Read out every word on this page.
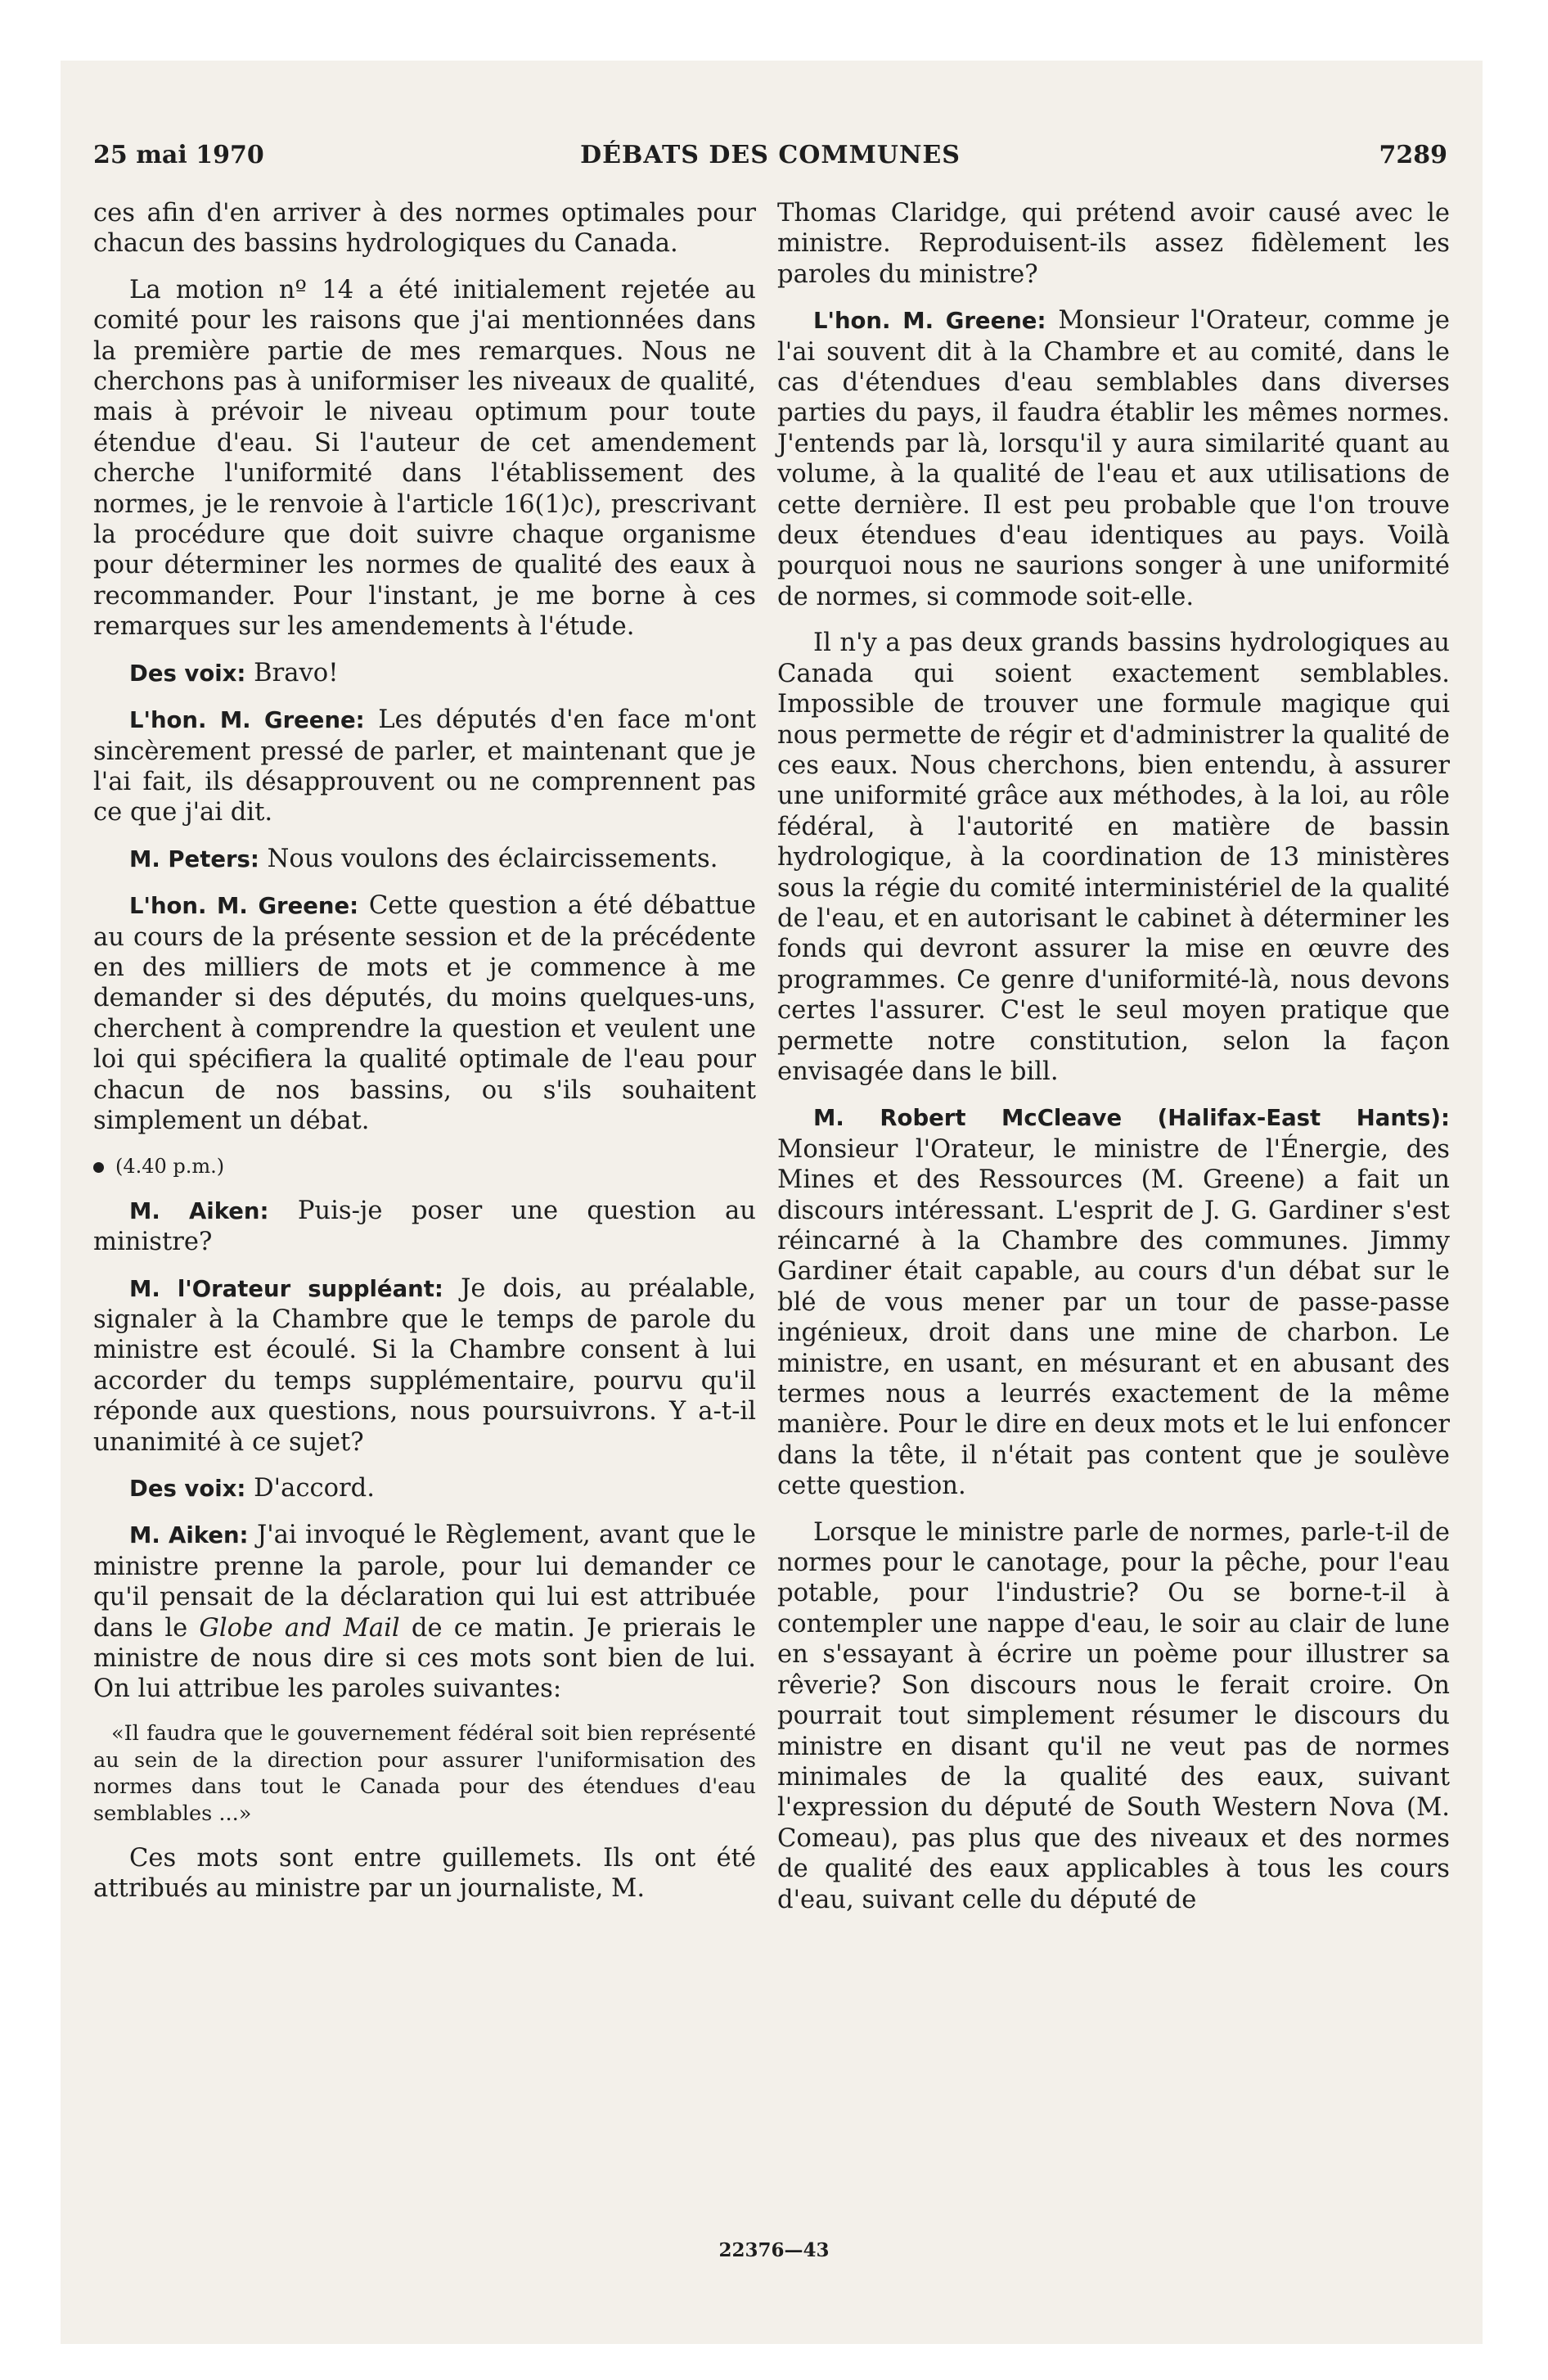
25 mai 1970	DÉBATS DES COMMUNES	7289

ces afin d'en arriver à des normes optimales pour chacun des bassins hydrologiques du Canada.

La motion nº 14 a été initialement rejetée au comité pour les raisons que j'ai mentionnées dans la première partie de mes remarques. Nous ne cherchons pas à uniformiser les niveaux de qualité, mais à prévoir le niveau optimum pour toute étendue d'eau. Si l'auteur de cet amendement cherche l'uniformité dans l'établissement des normes, je le renvoie à l'article 16(1)c), prescrivant la procédure que doit suivre chaque organisme pour déterminer les normes de qualité des eaux à recommander. Pour l'instant, je me borne à ces remarques sur les amendements à l'étude.

Des voix: Bravo!

L'hon. M. Greene: Les députés d'en face m'ont sincèrement pressé de parler, et maintenant que je l'ai fait, ils désapprouvent ou ne comprennent pas ce que j'ai dit.

M. Peters: Nous voulons des éclaircissements.

L'hon. M. Greene: Cette question a été débattue au cours de la présente session et de la précédente en des milliers de mots et je commence à me demander si des députés, du moins quelques-uns, cherchent à comprendre la question et veulent une loi qui spécifiera la qualité optimale de l'eau pour chacun de nos bassins, ou s'ils souhaitent simplement un débat.

(4.40 p.m.)

M. Aiken: Puis-je poser une question au ministre?

M. l'Orateur suppléant: Je dois, au préalable, signaler à la Chambre que le temps de parole du ministre est écoulé. Si la Chambre consent à lui accorder du temps supplémentaire, pourvu qu'il réponde aux questions, nous poursuivrons. Y a-t-il unanimité à ce sujet?

Des voix: D'accord.

M. Aiken: J'ai invoqué le Règlement, avant que le ministre prenne la parole, pour lui demander ce qu'il pensait de la déclaration qui lui est attribuée dans le Globe and Mail de ce matin. Je prierais le ministre de nous dire si ces mots sont bien de lui. On lui attribue les paroles suivantes:

«Il faudra que le gouvernement fédéral soit bien représenté au sein de la direction pour assurer l'uniformisation des normes dans tout le Canada pour des étendues d'eau semblables ...»

Ces mots sont entre guillemets. Ils ont été attribués au ministre par un journaliste, M.

Thomas Claridge, qui prétend avoir causé avec le ministre. Reproduisent-ils assez fidèlement les paroles du ministre?

L'hon. M. Greene: Monsieur l'Orateur, comme je l'ai souvent dit à la Chambre et au comité, dans le cas d'étendues d'eau semblables dans diverses parties du pays, il faudra établir les mêmes normes. J'entends par là, lorsqu'il y aura similarité quant au volume, à la qualité de l'eau et aux utilisations de cette dernière. Il est peu probable que l'on trouve deux étendues d'eau identiques au pays. Voilà pourquoi nous ne saurions songer à une uniformité de normes, si commode soit-elle.

Il n'y a pas deux grands bassins hydrologiques au Canada qui soient exactement semblables. Impossible de trouver une formule magique qui nous permette de régir et d'administrer la qualité de ces eaux. Nous cherchons, bien entendu, à assurer une uniformité grâce aux méthodes, à la loi, au rôle fédéral, à l'autorité en matière de bassin hydrologique, à la coordination de 13 ministères sous la régie du comité interministériel de la qualité de l'eau, et en autorisant le cabinet à déterminer les fonds qui devront assurer la mise en œuvre des programmes. Ce genre d'uniformité-là, nous devons certes l'assurer. C'est le seul moyen pratique que permette notre constitution, selon la façon envisagée dans le bill.

M. Robert McCleave (Halifax-East Hants): Monsieur l'Orateur, le ministre de l'Énergie, des Mines et des Ressources (M. Greene) a fait un discours intéressant. L'esprit de J. G. Gardiner s'est réincarné à la Chambre des communes. Jimmy Gardiner était capable, au cours d'un débat sur le blé de vous mener par un tour de passe-passe ingénieux, droit dans une mine de charbon. Le ministre, en usant, en mésurant et en abusant des termes nous a leurrés exactement de la même manière. Pour le dire en deux mots et le lui enfoncer dans la tête, il n'était pas content que je soulève cette question.

Lorsque le ministre parle de normes, parle-t-il de normes pour le canotage, pour la pêche, pour l'eau potable, pour l'industrie? Ou se borne-t-il à contempler une nappe d'eau, le soir au clair de lune en s'essayant à écrire un poème pour illustrer sa rêverie? Son discours nous le ferait croire. On pourrait tout simplement résumer le discours du ministre en disant qu'il ne veut pas de normes minimales de la qualité des eaux, suivant l'expression du député de South Western Nova (M. Comeau), pas plus que des niveaux et des normes de qualité des eaux applicables à tous les cours d'eau, suivant celle du député de

22376—43
